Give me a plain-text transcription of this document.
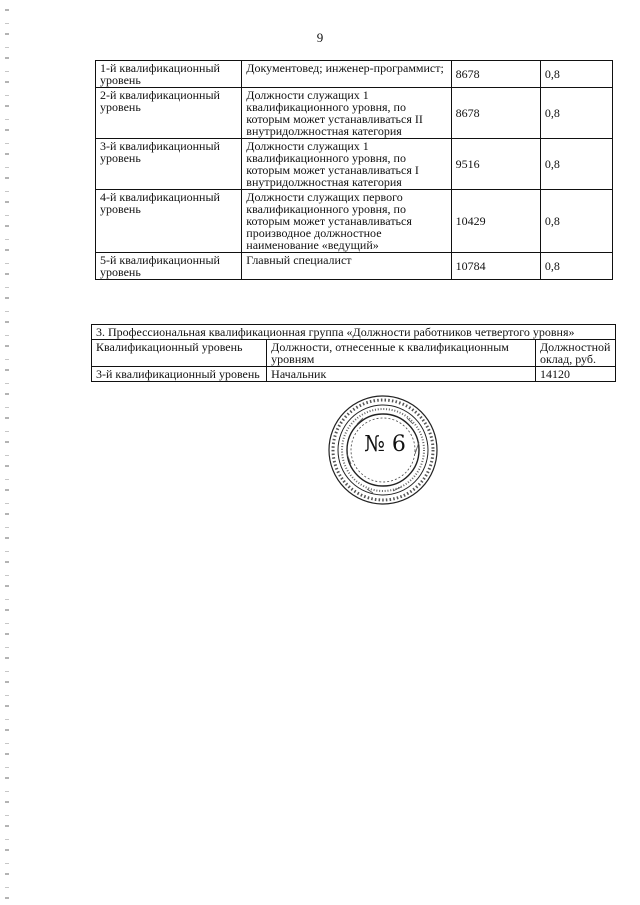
9
1-й квалификационный уровень	Документовед; инженер-программист;	8678	0,8
2-й квалификационный уровень	Должности служащих 1 квалификационного уровня, по которым может устанавливаться II внутридолжностная категория	8678	0,8
3-й квалификационный уровень	Должности служащих 1 квалификационного уровня, по которым может устанавливаться I внутридолжностная категория	9516	0,8
4-й квалификационный уровень	Должности служащих первого квалификационного уровня, по которым может устанавливаться производное должностное наименование «ведущий»	10429	0,8
5-й квалификационный уровень	Главный специалист	10784	0,8
3. Профессиональная квалификационная группа «Должности работников четвертого уровня»		
Квалификационный уровень	Должности, отнесенные к квалификационным уровням	Должностной оклад, руб.
3-й квалификационный уровень	Начальник	14120
№ 6
